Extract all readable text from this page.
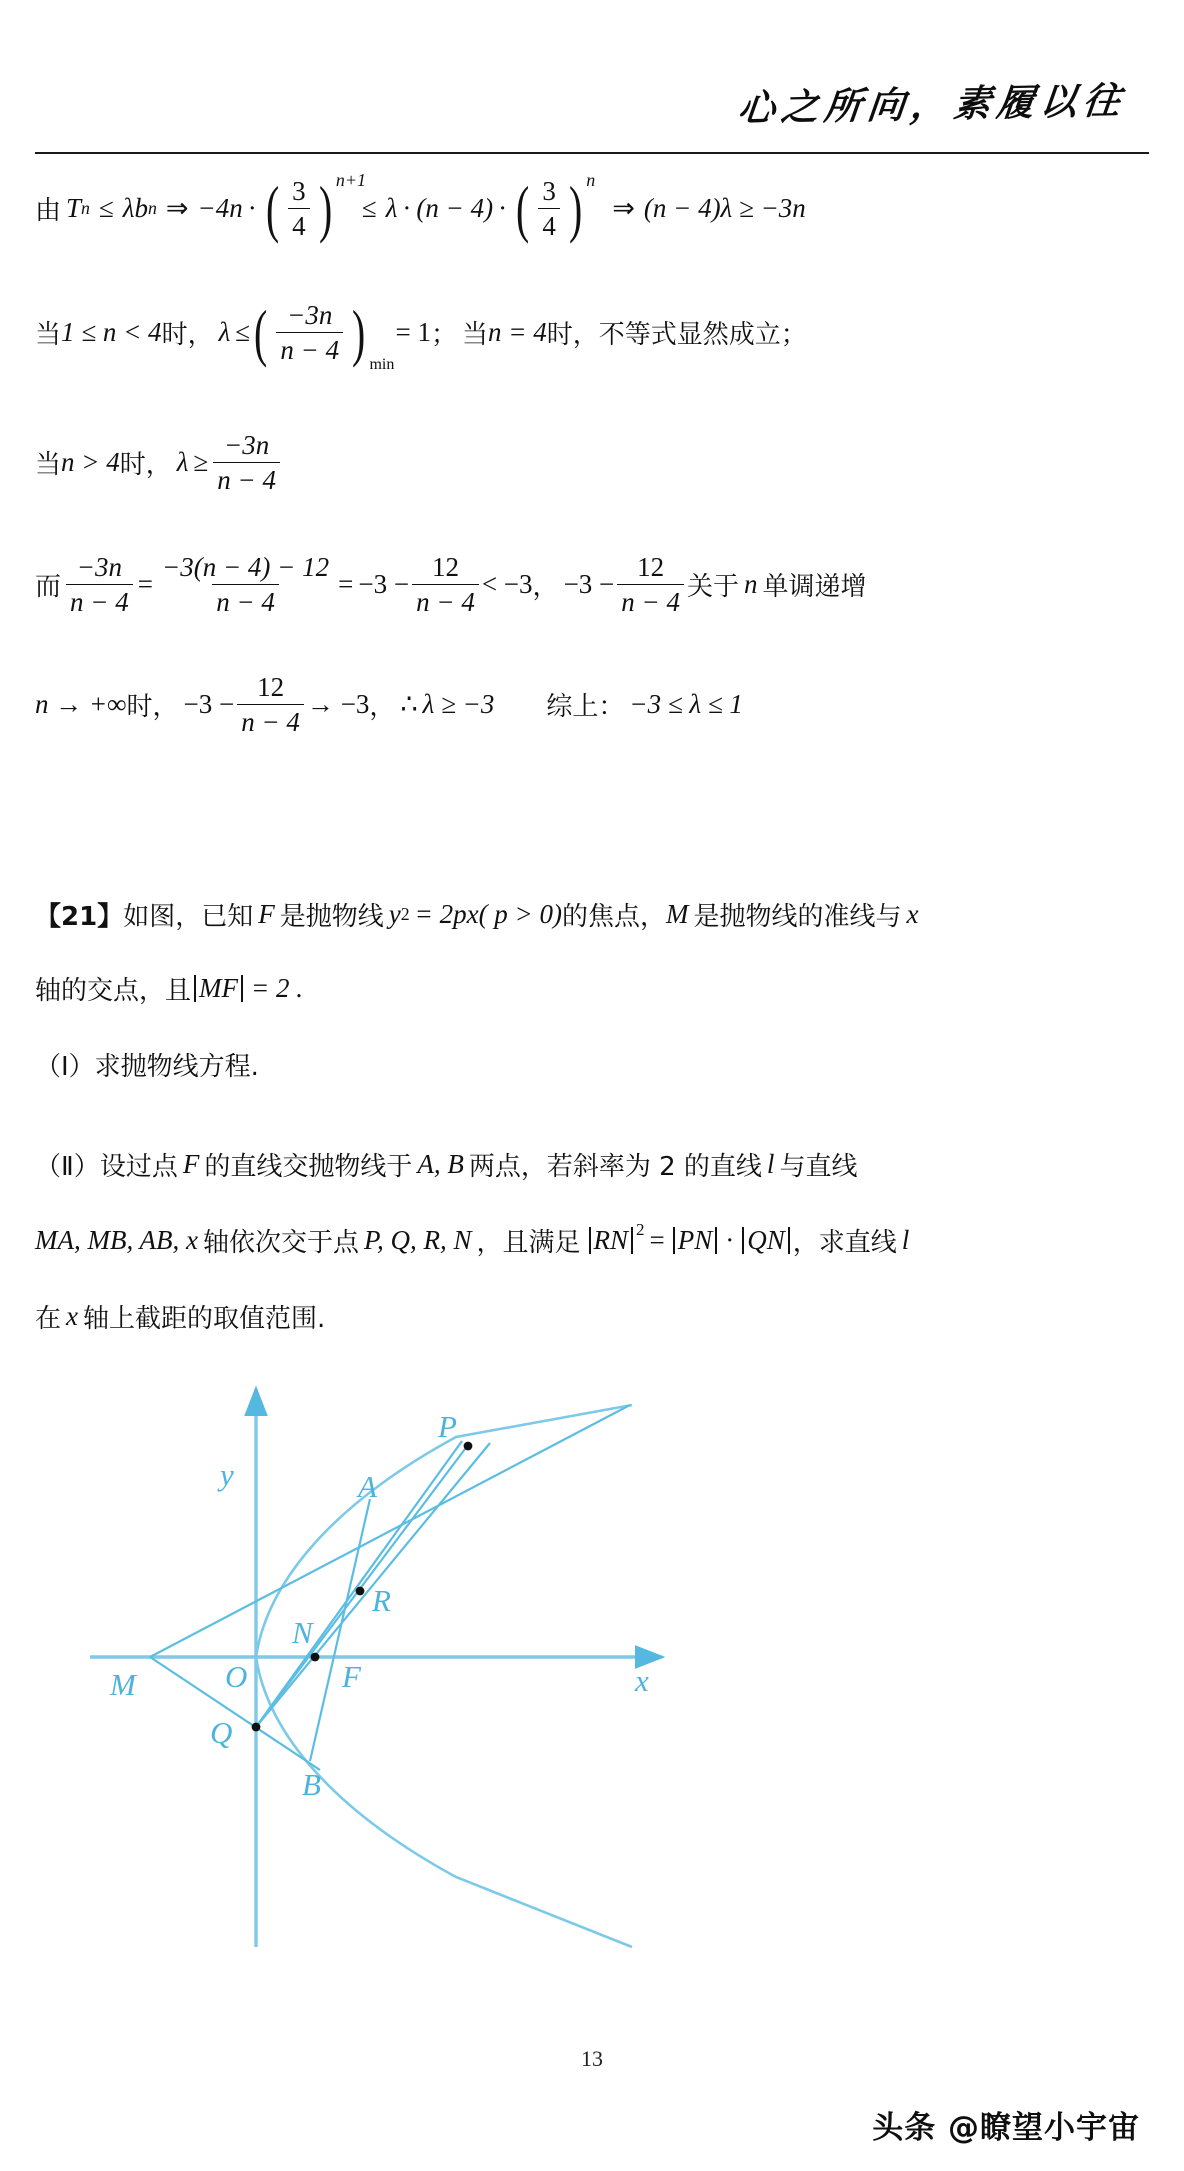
心之所向，素履以往
由 T n ≤ λ b n ⇒ −4n · ( $\frac{3}{4}$ ) n+1
≤ λ · (n − 4) · ( $\frac{3}{4}$ ) n
⇒ (n − 4)λ ≥ −3n
当 1 ≤ n < 4 时， λ ≤ ( $\frac{-3n}{n - 4}$ ) min
= 1 ； 当 n = 4 时， 不等式显然成立；
当 n > 4 时， $\lambda \ge \frac{-3n}{n - 4}$
而 $\frac{-3n}{n - 4} = \frac{-3(n - 4) - 12}{n - 4} = -3 - \frac{12}{n - 4} < -3$ ， $-3 - \frac{12}{n - 4}$ 关于 n 单调递增
n → +∞ 时， $-3 - \frac{12}{n - 4} \to -3$ ， ∴ λ ≥ −3 综上： −3 ≤ λ ≤ 1
【21】 如图，已知 F 是抛物线 y 2 = 2px( p > 0) 的焦点， M 是抛物线的准线与 x
轴的交点，且 MF = 2 .
（Ⅰ） 求抛物线方程.
（Ⅱ） 设过点 F 的直线交抛物线于 A, B 两点，若斜率为 2 的直线 l 与直线
MA, MB, AB, x 轴依次交于点 P, Q, R, N ，且满足 RN 2 = PN · QN ，求直线 l
在 x 轴上截距的取值范围.
y
x
M	O
N
F
R
A
P
Q
B
13
头条 @瞭望小宇宙
